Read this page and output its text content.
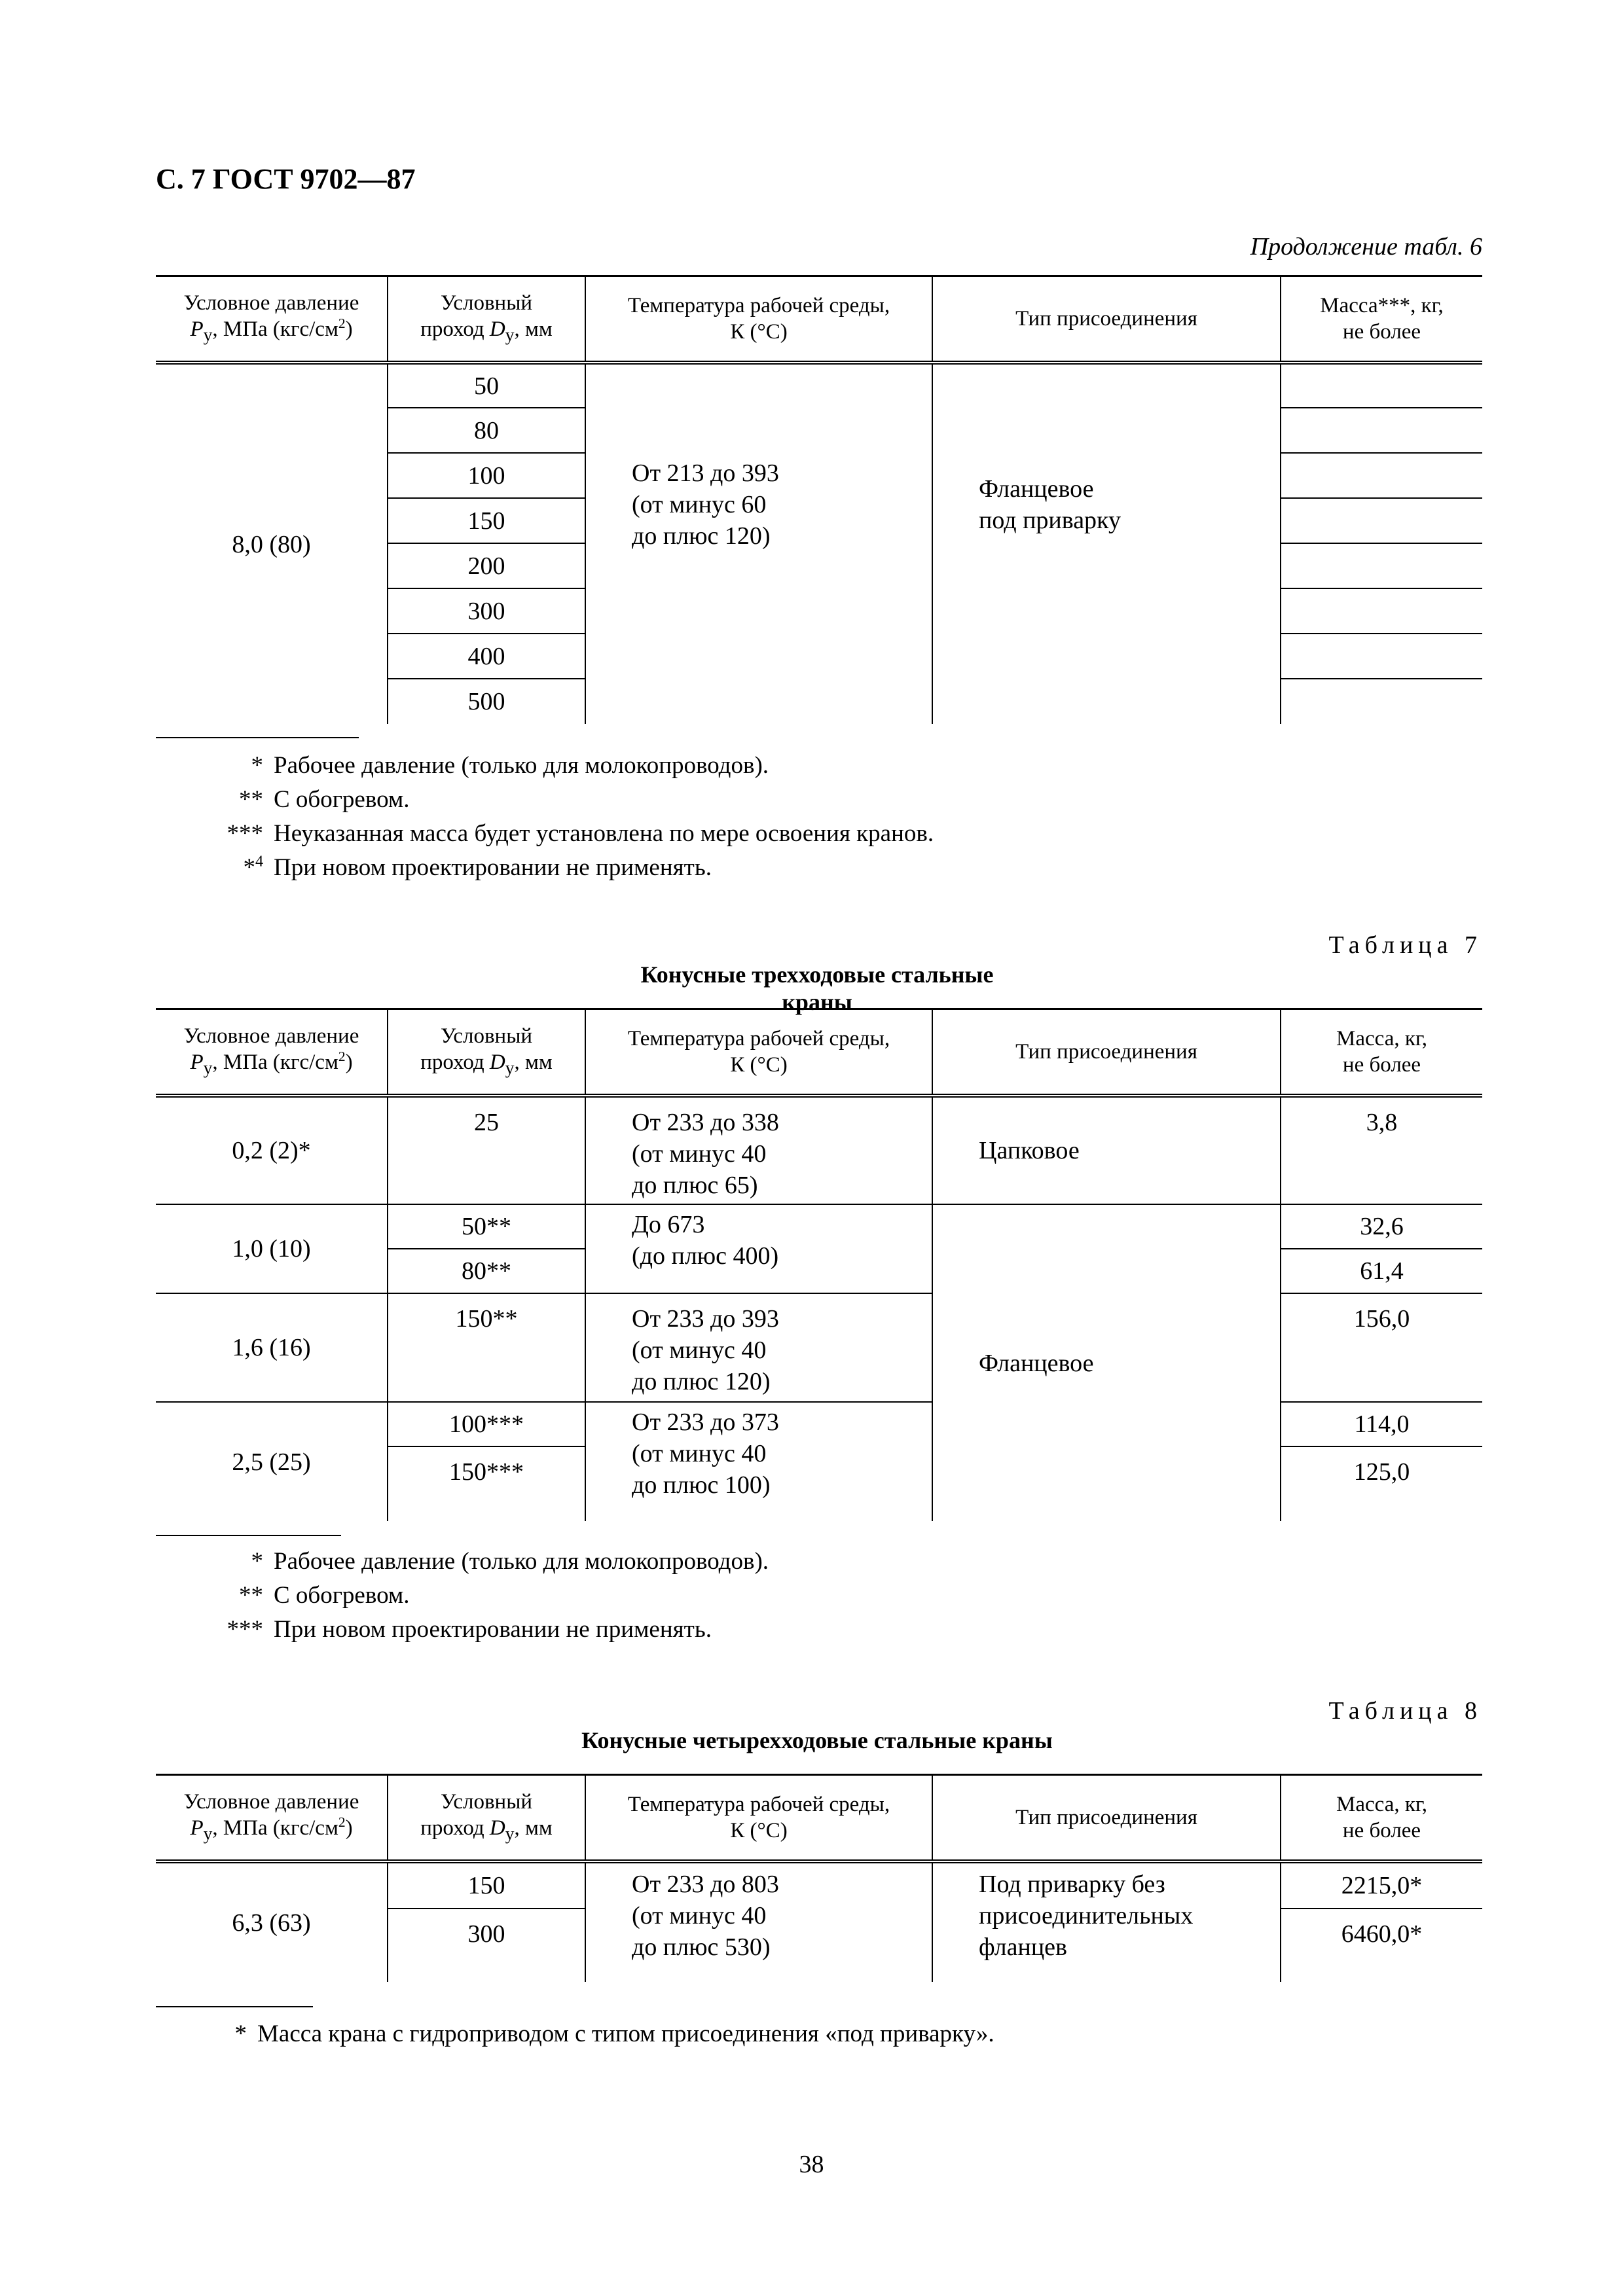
С. 7 ГОСТ 9702—87
Продолжение табл. 6
Условное давление
$P_у$, МПа $(кгс/см^2)$	Условный
проход $D_у$, мм	Температура рабочей среды,
К (°С)	Тип присоединения	Масса***, кг,
не более
8,0 (80)	50	От 213 до 393
(от минус 60
до плюс 120)	Фланцевое
под приварку	
	80			
	100			
	150			
	200			
	300			
	400			
	500			
* Рабочее давление (только для молокопроводов).
** С обогревом.
*** Неуказанная масса будет установлена по мере освоения кранов.
*$^4$ При новом проектировании не применять.
Таблица 7
Конусные трехходовые стальные краны
Условное давление
$P_у$, МПа $(кгс/см^2)$	Условный
проход $D_у$, мм	Температура рабочей среды,
К (°С)	Тип присоединения	Масса, кг,
не более
0,2 (2)*	25	От 233 до 338
(от минус 40
до плюс 65)	Цапковое	3,8
1,0 (10)	50**	До 673
(до плюс 400)	Фланцевое	32,6
	80**			61,4
1,6 (16)	150**	От 233 до 393
(от минус 40
до плюс 120)		156,0
2,5 (25)	100***	От 233 до 373
(от минус 40
до плюс 100)		114,0
	150***			125,0
* Рабочее давление (только для молокопроводов).
** С обогревом.
*** При новом проектировании не применять.
Таблица 8
Конусные четырехходовые стальные краны
Условное давление
$P_у$, МПа $(кгс/см^2)$	Условный
проход $D_у$, мм	Температура рабочей среды,
К (°С)	Тип присоединения	Масса, кг,
не более
6,3 (63)	150	От 233 до 803
(от минус 40
до плюс 530)	Под приварку без
присоединительных
фланцев	2215,0*
	300			6460,0*
* Масса крана с гидроприводом с типом присоединения «под приварку».
38
